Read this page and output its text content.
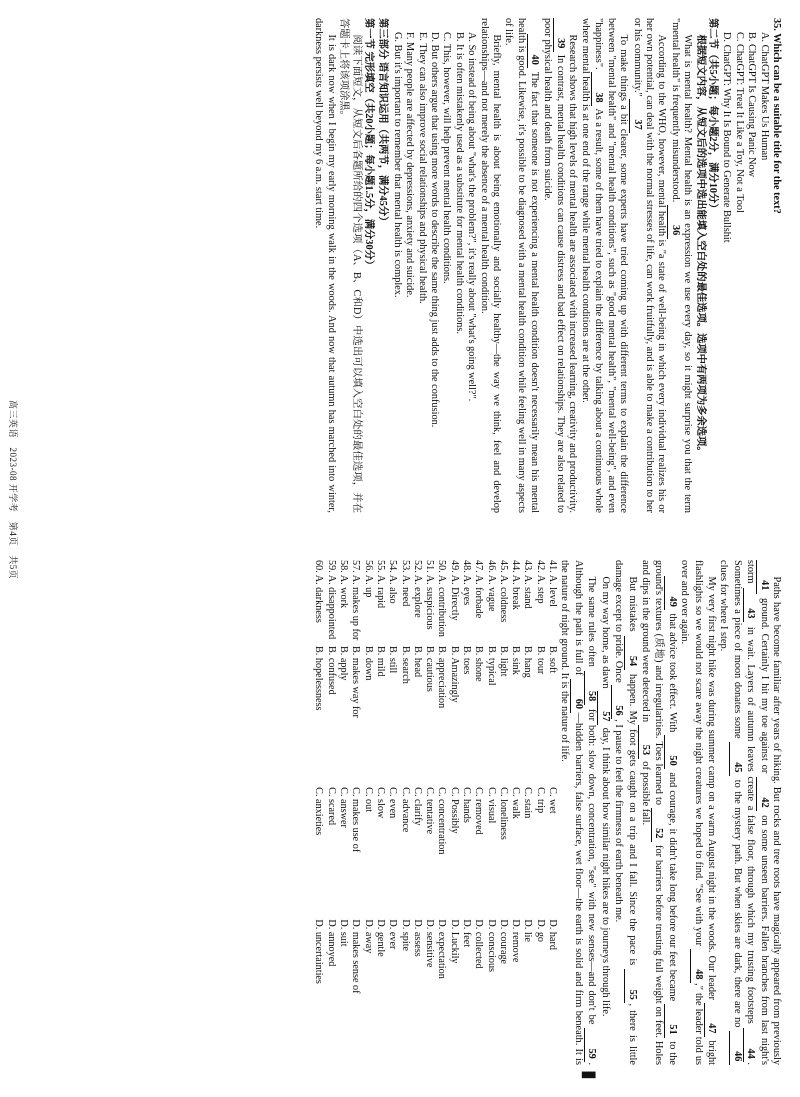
35. Which can be a suitable title for the text?

A. ChatGPT Makes Us Human

B. ChatGPT Is Causing Panic Now

C. ChatGPT: Treat It Like a Toy, Not a Tool

D. ChatGPT: Why It Is Bound to Generate Bullshit

第二节（共5小题；每小题2分，满分10分）

根据短文内容，从短文后的选项中选出能填入空白处的最佳选项。选项中有两项为多余选项。

What is mental health? Mental health is an expression we use every day, so it might surprise you that the term "mental health" is frequently misunderstood. 36

According to the WHO, however, mental health is "a state of well-being in which every individual realizes his or her own potential, can deal with the normal stresses of life, can work fruitfully, and is able to make a contribution to her or his community." 37

To make things a bit clearer, some experts have tried coming up with different terms to explain the difference between "mental health" and "mental health conditions", such as "good mental health", "mental well-being", and even "happiness". 38 As a result, some of them have tried to explain the difference by talking about a continuous whole where mental health is at one end of the range while mental health conditions are at the other.

Research shows that high levels of mental health are associated with increased learning, creativity and productivity. 39 In contrast, mental health conditions can cause distress and bad effect on relationships. They are also related to poor physical health and death from suicide.

40 The fact that someone is not experiencing a mental health condition doesn't necessarily mean his mental health is good. Likewise, it's possible to be diagnosed with a mental health condition while feeling well in many aspects of life.

Briefly, mental health is about being emotionally and socially healthy—the way we think, feel and develop relationships—and not merely the absence of a mental health condition.

A. So instead of being about "what's the problem?", it's really about "what's going well?".

B. It is often mistakenly used as a substitute for mental health conditions.

C. This, however, will help prevent mental health conditions.

D. But others argue that using more words to describe the same thing just adds to the confusion.

E. They can also improve social relationships and physical health.

F. Many people are affected by depressions, anxiety and suicide.

G. But it's important to remember that mental health is complex.

第三部分 语言知识运用（共两节，满分45分）

第一节 完形填空（共20小题；每小题1.5分，满分30分）

阅读下面短文，从短文后各题所给的四个选项（A、B、C和D）中选出可以填入空白处的最佳选项，并在答题卡上将该项涂黑。

It is dark now when I begin my early morning walk in the woods. And now that autumn has marched into winter, darkness persists well beyond my 6 a.m. start time.

Paths have become familiar after years of hiking. But rocks and tree roots have magically appeared from previously 41 ground. Certainly I hit my toe against or 42 on some unseen barriers. Fallen branches from last night's storm 43 in wait. Layers of autumn leaves create a false floor, through which my trusting footsteps 44. Sometimes a piece of moon donates some 45 to the mystery path. But when skies are dark, there are no 46 clues for where I step.

My very first night hike was during summer camp on a warm August night in the woods. Our leader 47 bright flashlights so we would not scare away the night creatures we hoped to find. "See with your 48," the leader told us over and over again.

49 that advice took effect. With 50 and courage, it didn't take long before our feet became 51 to the ground's textures (质地) and irregularities. Toes learned to 52 for barriers before trusting full weight on feet. Holes and dips in the ground were detected in 53 of possible fall.

But mistakes 54 happen. My foot gets caught on a trip and I fall. Since the pace is 55, there is little damage except to pride. Once 56, I pause to feel the firmness of earth beneath me.

On my way home, as dawn 57 day, I think about how similar night hikes are to journeys through life.

The same rules often 58 for both: slow down, concentration, "see" with new senses—and don't be 59. Although the path is full of 60—hidden barriers, false surface, wet floor—the earth is solid and firm beneath. It is the nature of night ground. It is the nature of life.

41. A. level	B. soft	C. wet	D. hard
42. A. step	B. tour	C. trip	D. go
43. A. stand	B. hang	C. stain	D. lie
44. A. break	B. sink	C. walk	D. remove
45. A. coldness	B. light	C. loneliness	D. courage
46. A. vague	B. typical	C. visual	D. conscious
47. A. forbade	B. shone	C. removed	D. collected
48. A. eyes	B. toes	C. hands	D. feet
49. A. Directly	B. Amazingly	C. Possibly	D. Luckily
50. A. contribution	B. appreciation	C. concentration	D. expectation
51. A. suspicious	B. cautious	C. tentative	D. sensitive
52. A. explore	B. head	C. clarify	D. assess
53. A. need	B. search	C. advance	D. spite
54. A. also	B. still	C. even	D. ever
55. A. rapid	B. mild	C. slow	D. gentle
56. A. up	B. down	C. out	D. away
57. A. makes up for	B. makes way for	C. makes use of	D. makes sense of
58. A. work	B. apply	C. answer	D. suit
59. A. disappointed	B. confused	C. scared	D. annoyed
60. A. darkness	B. hopelessness	C. anxieties	D. uncertainties
高三英语　2023-08 开学考　第4页　共5页
▮
